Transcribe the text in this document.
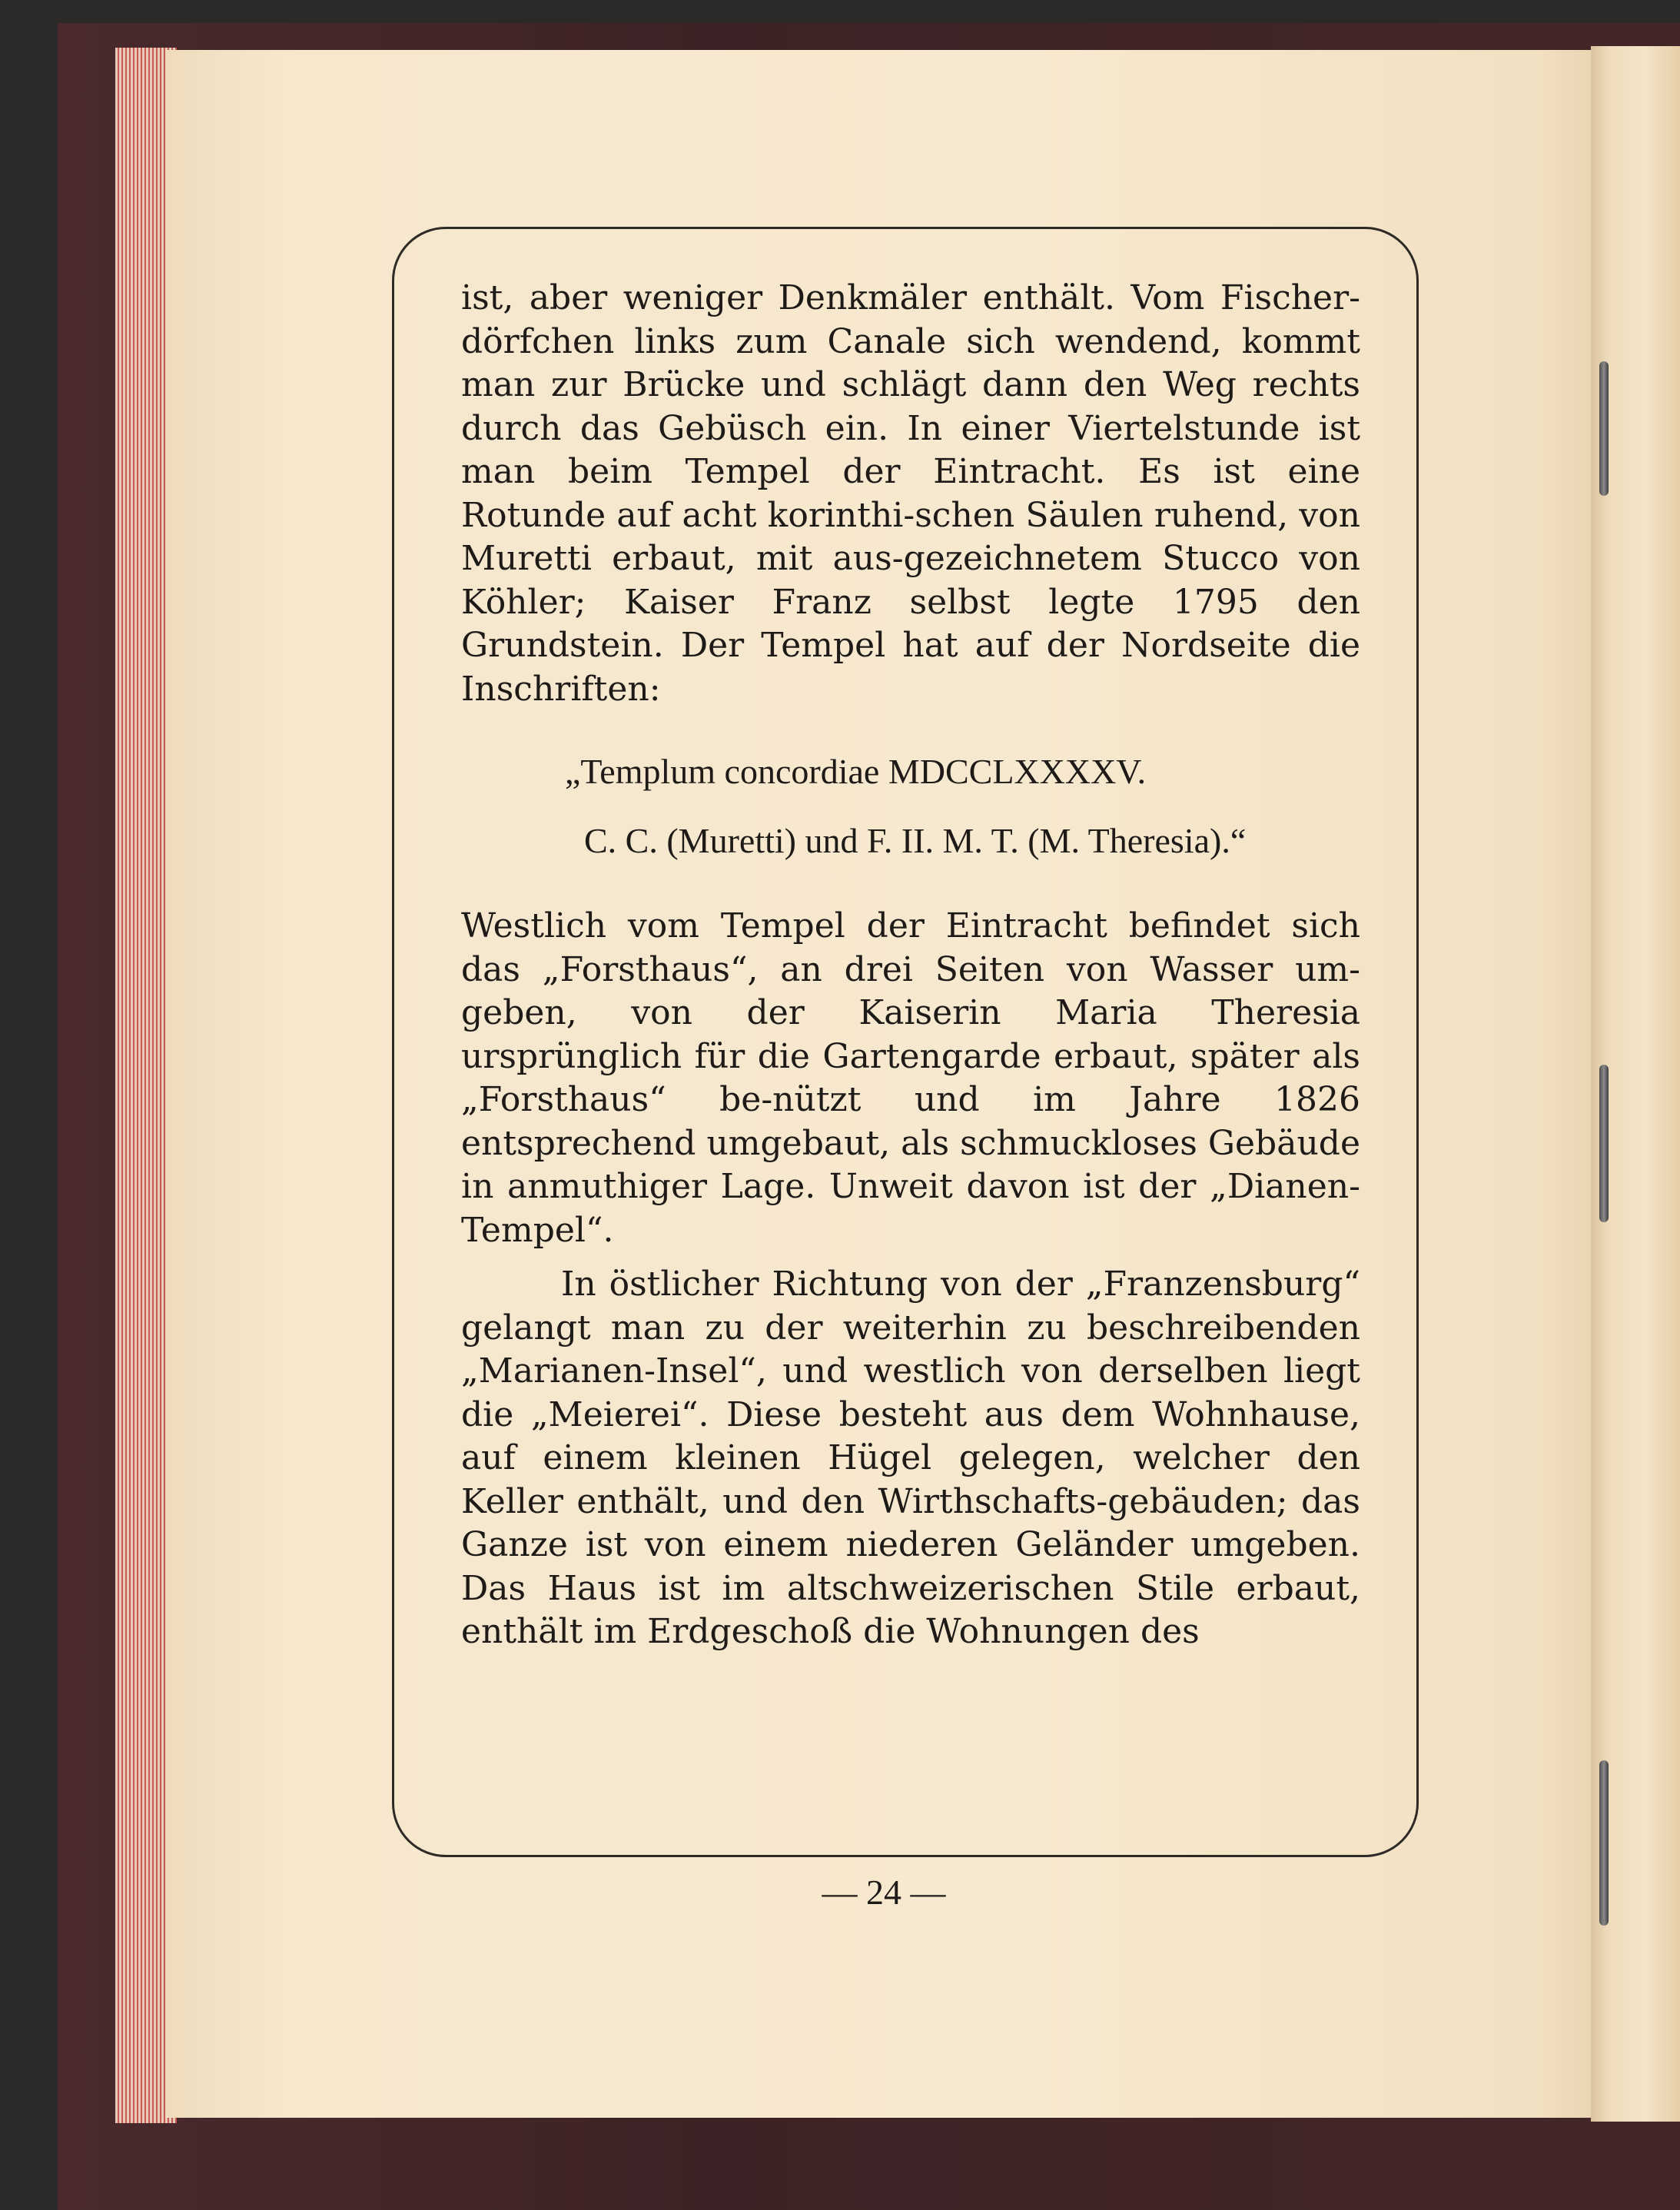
ist, aber weniger Denkmäler enthält. Vom Fischer-dörfchen links zum Canale sich wendend, kommt man zur Brücke und schlägt dann den Weg rechts durch das Gebüsch ein. In einer Viertelstunde ist man beim Tempel der Eintracht. Es ist eine Rotunde auf acht korinthi-schen Säulen ruhend, von Muretti erbaut, mit aus-gezeichnetem Stucco von Köhler; Kaiser Franz selbst legte 1795 den Grundstein. Der Tempel hat auf der Nordseite die Inschriften:

„Templum concordiae MDCCLXXXXV.

C. C. (Muretti) und F. II. M. T. (M. Theresia).“

Westlich vom Tempel der Eintracht befindet sich das „Forsthaus“, an drei Seiten von Wasser um-geben, von der Kaiserin Maria Theresia ursprünglich für die Gartengarde erbaut, später als „Forsthaus“ be-nützt und im Jahre 1826 entsprechend umgebaut, als schmuckloses Gebäude in anmuthiger Lage. Unweit davon ist der „Dianen-Tempel“.

In östlicher Richtung von der „Franzensburg“ gelangt man zu der weiterhin zu beschreibenden „Marianen-Insel“, und westlich von derselben liegt die „Meierei“. Diese besteht aus dem Wohnhause, auf einem kleinen Hügel gelegen, welcher den Keller enthält, und den Wirthschafts-gebäuden; das Ganze ist von einem niederen Geländer umgeben. Das Haus ist im altschweizerischen Stile erbaut, enthält im Erdgeschoß die Wohnungen des

— 24 —
